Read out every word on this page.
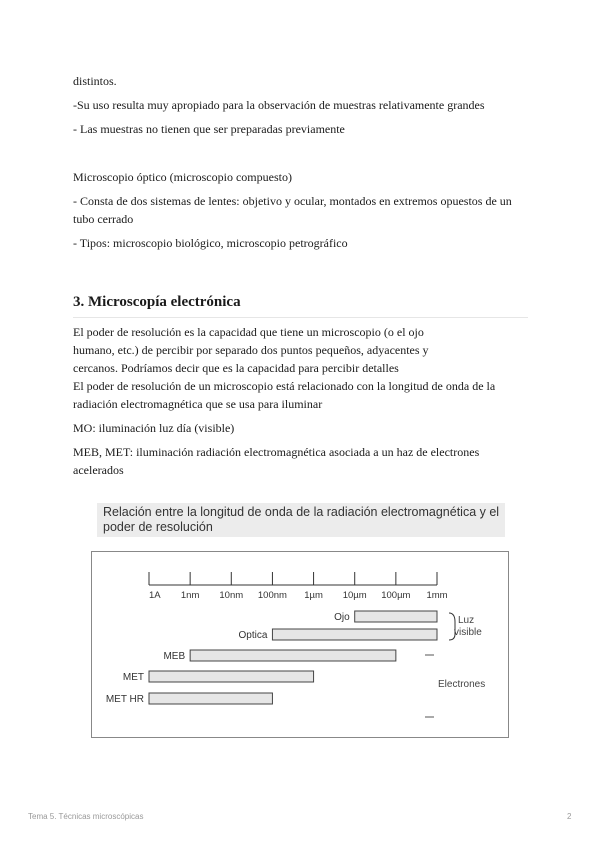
distintos.

-Su uso resulta muy apropiado para la observación de muestras relativamente grandes

- Las muestras no tienen que ser preparadas previamente

Microscopio óptico (microscopio compuesto)

- Consta de dos sistemas de lentes: objetivo y ocular, montados en extremos opuestos de un

tubo cerrado

- Tipos: microscopio biológico, microscopio petrográfico

3. Microscopía electrónica

El poder de resolución es la capacidad que tiene un microscopio (o el ojo

humano, etc.) de percibir por separado dos puntos pequeños, adyacentes y

cercanos. Podríamos decir que es la capacidad para percibir detalles

El poder de resolución de un microscopio está relacionado con la longitud de onda de la

radiación electromagnética que se usa para iluminar

MO: iluminación luz día (visible)

MEB, MET: iluminación radiación electromagnética asociada a un haz de electrones

acelerados

Relación entre la longitud de onda de la radiación electromagnética y el
poder de resolución
1A 1nm 10nm 100nm 1µm 10µm 100µm 1mm
Ojo
Optica
MEB
MET
MET HR
Luz
visible
Electrones
Tema 5. Técnicas microscópicas	2
